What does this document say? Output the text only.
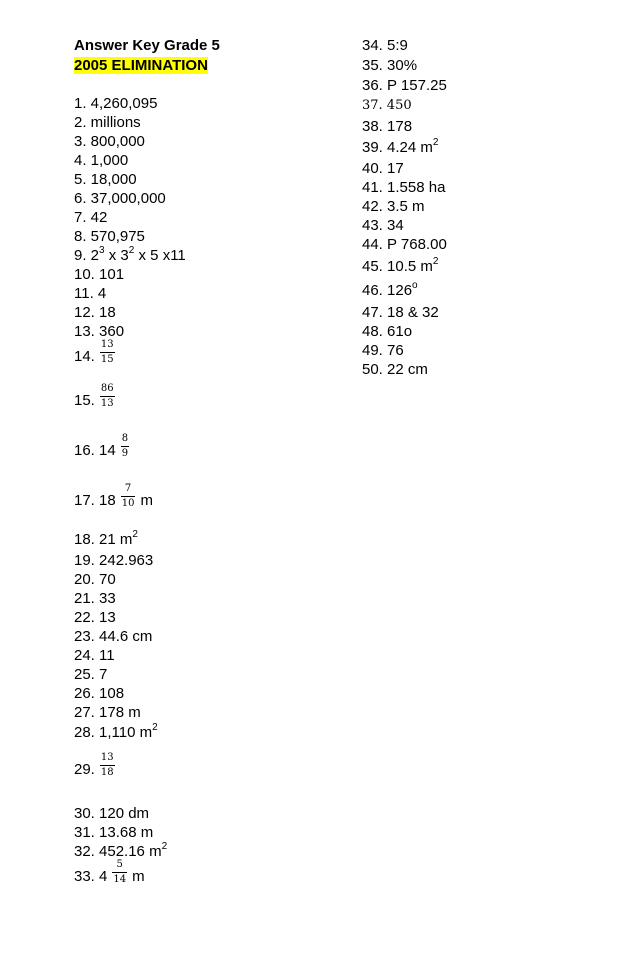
Answer Key Grade 5
2005 ELIMINATION
1. 4,260,095
2. millions
3. 800,000
4. 1,000
5. 18,000
6. 37,000,000
7. 42
8. 570,975
9. $2^3$ x $3^2$ x 5 x11
10. 101
11. 4
12. 18
13. 360
14. $\frac{13}{15}$
15. $\frac{86}{13}$
16. $14 \frac{8}{9}$
17. $18 \frac{7}{10}$ m
18. 21 $m^2$
19. 242.963
20. 70
21. 33
22. 13
23. 44.6 cm
24. 11
25. 7
26. 108
27. 178 m
28. 1,110 $m^2$
29. $\frac{13}{18}$
30. 120 dm
31. 13.68 m
32. 452.16 $m^2$
33. $4 \frac{5}{14}$ m
34. 5:9
35. 30%
36. P 157.25
37. 450
38. 178
39. 4.24 $m^2$
40. 17
41. 1.558 ha
42. 3.5 m
43. 34
44. P 768.00
45. 10.5 $m^2$
46. 126$^o$
47. 18 & 32
48. 61o
49. 76
50. 22 cm
